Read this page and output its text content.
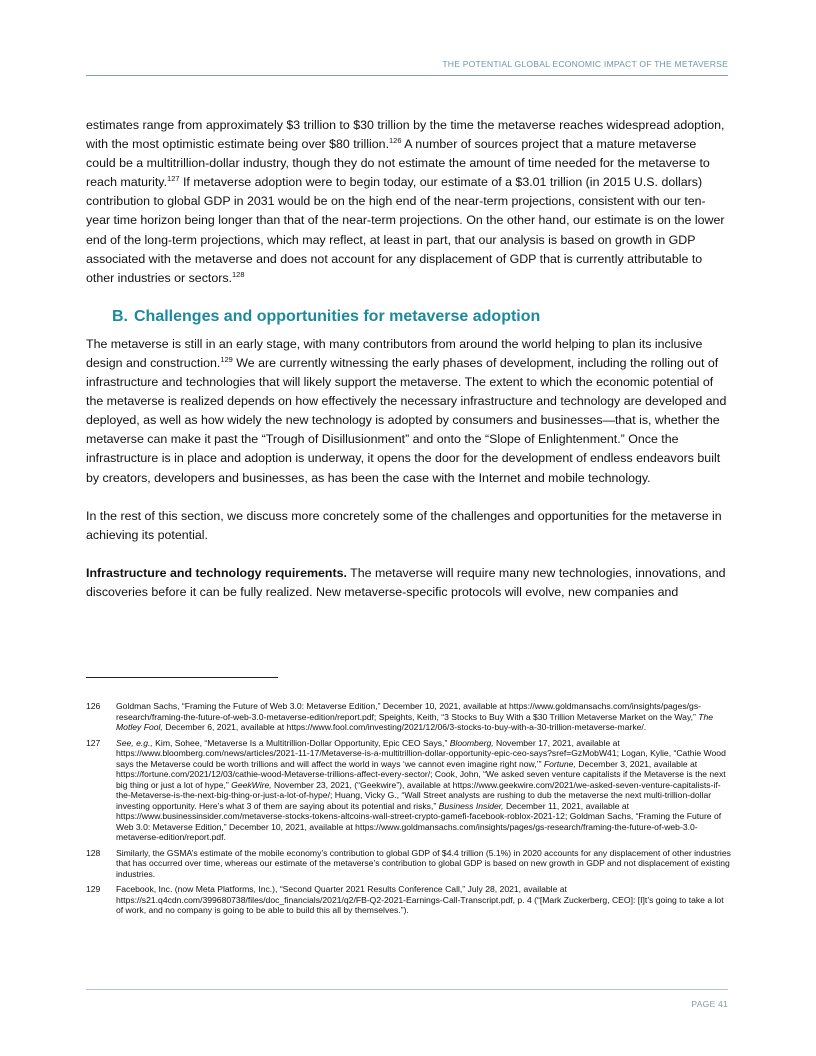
THE POTENTIAL GLOBAL ECONOMIC IMPACT OF THE METAVERSE

estimates range from approximately $3 trillion to $30 trillion by the time the metaverse reaches widespread adoption, with the most optimistic estimate being over $80 trillion.$^{126}$ A number of sources project that a mature metaverse could be a multitrillion-dollar industry, though they do not estimate the amount of time needed for the metaverse to reach maturity.$^{127}$ If metaverse adoption were to begin today, our estimate of a $3.01 trillion (in 2015 U.S. dollars) contribution to global GDP in 2031 would be on the high end of the near-term projections, consistent with our ten-year time horizon being longer than that of the near-term projections. On the other hand, our estimate is on the lower end of the long-term projections, which may reflect, at least in part, that our analysis is based on growth in GDP associated with the metaverse and does not account for any displacement of GDP that is currently attributable to other industries or sectors.$^{128}$

B. Challenges and opportunities for metaverse adoption

The metaverse is still in an early stage, with many contributors from around the world helping to plan its inclusive design and construction.$^{129}$ We are currently witnessing the early phases of development, including the rolling out of infrastructure and technologies that will likely support the metaverse. The extent to which the economic potential of the metaverse is realized depends on how effectively the necessary infrastructure and technology are developed and deployed, as well as how widely the new technology is adopted by consumers and businesses—that is, whether the metaverse can make it past the “Trough of Disillusionment” and onto the “Slope of Enlightenment.” Once the infrastructure is in place and adoption is underway, it opens the door for the development of endless endeavors built by creators, developers and businesses, as has been the case with the Internet and mobile technology.

In the rest of this section, we discuss more concretely some of the challenges and opportunities for the metaverse in achieving its potential.

Infrastructure and technology requirements. The metaverse will require many new technologies, innovations, and discoveries before it can be fully realized. New metaverse-specific protocols will evolve, new companies and

126	Goldman Sachs, “Framing the Future of Web 3.0: Metaverse Edition,” December 10, 2021, available at https://www.goldmansachs.com/insights/pages/gs-research/framing-the-future-of-web-3.0-metaverse-edition/report.pdf; Speights, Keith, “3 Stocks to Buy With a $30 Trillion Metaverse Market on the Way,” The Motley Fool, December 6, 2021, available at https://www.fool.com/investing/2021/12/06/3-stocks-to-buy-with-a-30-trillion-metaverse-marke/.
127	See, e.g., Kim, Sohee, “Metaverse Is a Multitrillion-Dollar Opportunity, Epic CEO Says,” Bloomberg, November 17, 2021, available at https://www.bloomberg.com/news/articles/2021-11-17/Metaverse-is-a-multitrillion-dollar-opportunity-epic-ceo-says?sref=GzMobW41; Logan, Kylie, “Cathie Wood says the Metaverse could be worth trillions and will affect the world in ways ‘we cannot even imagine right now,’” Fortune, December 3, 2021, available at https://fortune.com/2021/12/03/cathie-wood-Metaverse-trillions-affect-every-sector/; Cook, John, “We asked seven venture capitalists if the Metaverse is the next big thing or just a lot of hype,” GeekWire, November 23, 2021, (“Geekwire”), available at https://www.geekwire.com/2021/we-asked-seven-venture-capitalists-if-the-Metaverse-is-the-next-big-thing-or-just-a-lot-of-hype/; Huang, Vicky G., “Wall Street analysts are rushing to dub the metaverse the next multi-trillion-dollar investing opportunity. Here’s what 3 of them are saying about its potential and risks,” Business Insider, December 11, 2021, available at https://www.businessinsider.com/metaverse-stocks-tokens-altcoins-wall-street-crypto-gamefi-facebook-roblox-2021-12; Goldman Sachs, “Framing the Future of Web 3.0: Metaverse Edition,” December 10, 2021, available at https://www.goldmansachs.com/insights/pages/gs-research/framing-the-future-of-web-3.0-metaverse-edition/report.pdf.
128	Similarly, the GSMA’s estimate of the mobile economy’s contribution to global GDP of $4.4 trillion (5.1%) in 2020 accounts for any displacement of other industries that has occurred over time, whereas our estimate of the metaverse’s contribution to global GDP is based on new growth in GDP and not displacement of existing industries.
129	Facebook, Inc. (now Meta Platforms, Inc.), “Second Quarter 2021 Results Conference Call,” July 28, 2021, available at https://s21.q4cdn.com/399680738/files/doc_financials/2021/q2/FB-Q2-2021-Earnings-Call-Transcript.pdf, p. 4 (“[Mark Zuckerberg, CEO]: [I]t’s going to take a lot of work, and no company is going to be able to build this all by themselves.”).
PAGE 41
